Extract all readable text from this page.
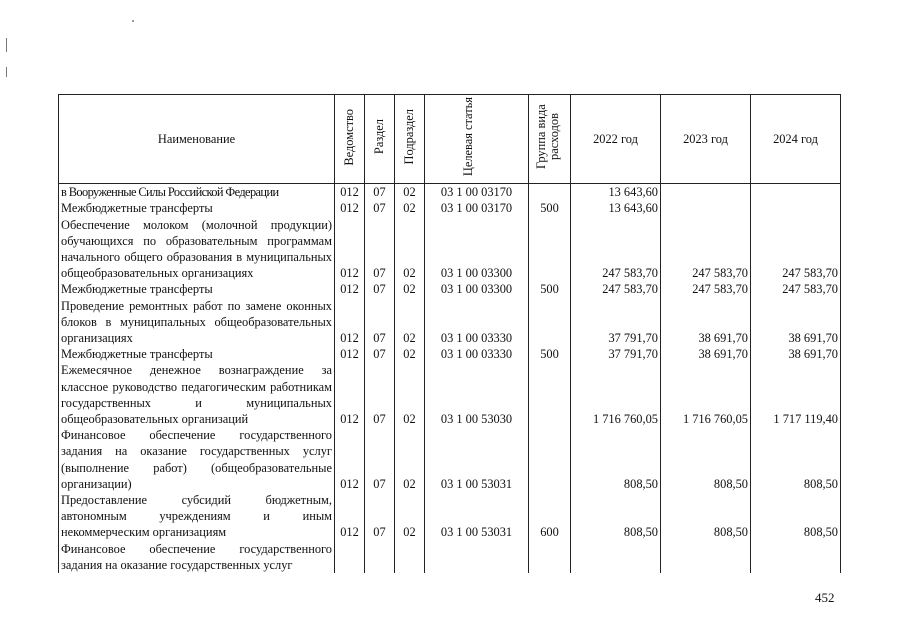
Наименование	Ведомство	Раздел	Подраздел	Целевая статья	Группа вида расходов	2022 год	2023 год	2024 год
в Вооруженные Силы Российской Федерации	012	07	02	03 1 00 03170		13 643,60		
Межбюджетные трансферты	012	07	02	03 1 00 03170	500	13 643,60		
Обеспечение молоком (молочной продукции) обучающихся по образовательным программам начального общего образования в муниципальных общеобразовательных организациях	012	07	02	03 1 00 03300		247 583,70	247 583,70	247 583,70
Межбюджетные трансферты	012	07	02	03 1 00 03300	500	247 583,70	247 583,70	247 583,70
Проведение ремонтных работ по замене оконных блоков в муниципальных общеобразовательных организациях	012	07	02	03 1 00 03330		37 791,70	38 691,70	38 691,70
Межбюджетные трансферты	012	07	02	03 1 00 03330	500	37 791,70	38 691,70	38 691,70
Ежемесячное денежное вознаграждение за классное руководство педагогическим работникам государственных и муниципальных общеобразовательных организаций	012	07	02	03 1 00 53030		1 716 760,05	1 716 760,05	1 717 119,40
Финансовое обеспечение государственного задания на оказание государственных услуг (выполнение работ) (общеобразовательные организации)	012	07	02	03 1 00 53031		808,50	808,50	808,50
Предоставление субсидий бюджетным, автономным учреждениям и иным некоммерческим организациям	012	07	02	03 1 00 53031	600	808,50	808,50	808,50
Финансовое обеспечение государственного задания на оказание государственных услуг								
452
